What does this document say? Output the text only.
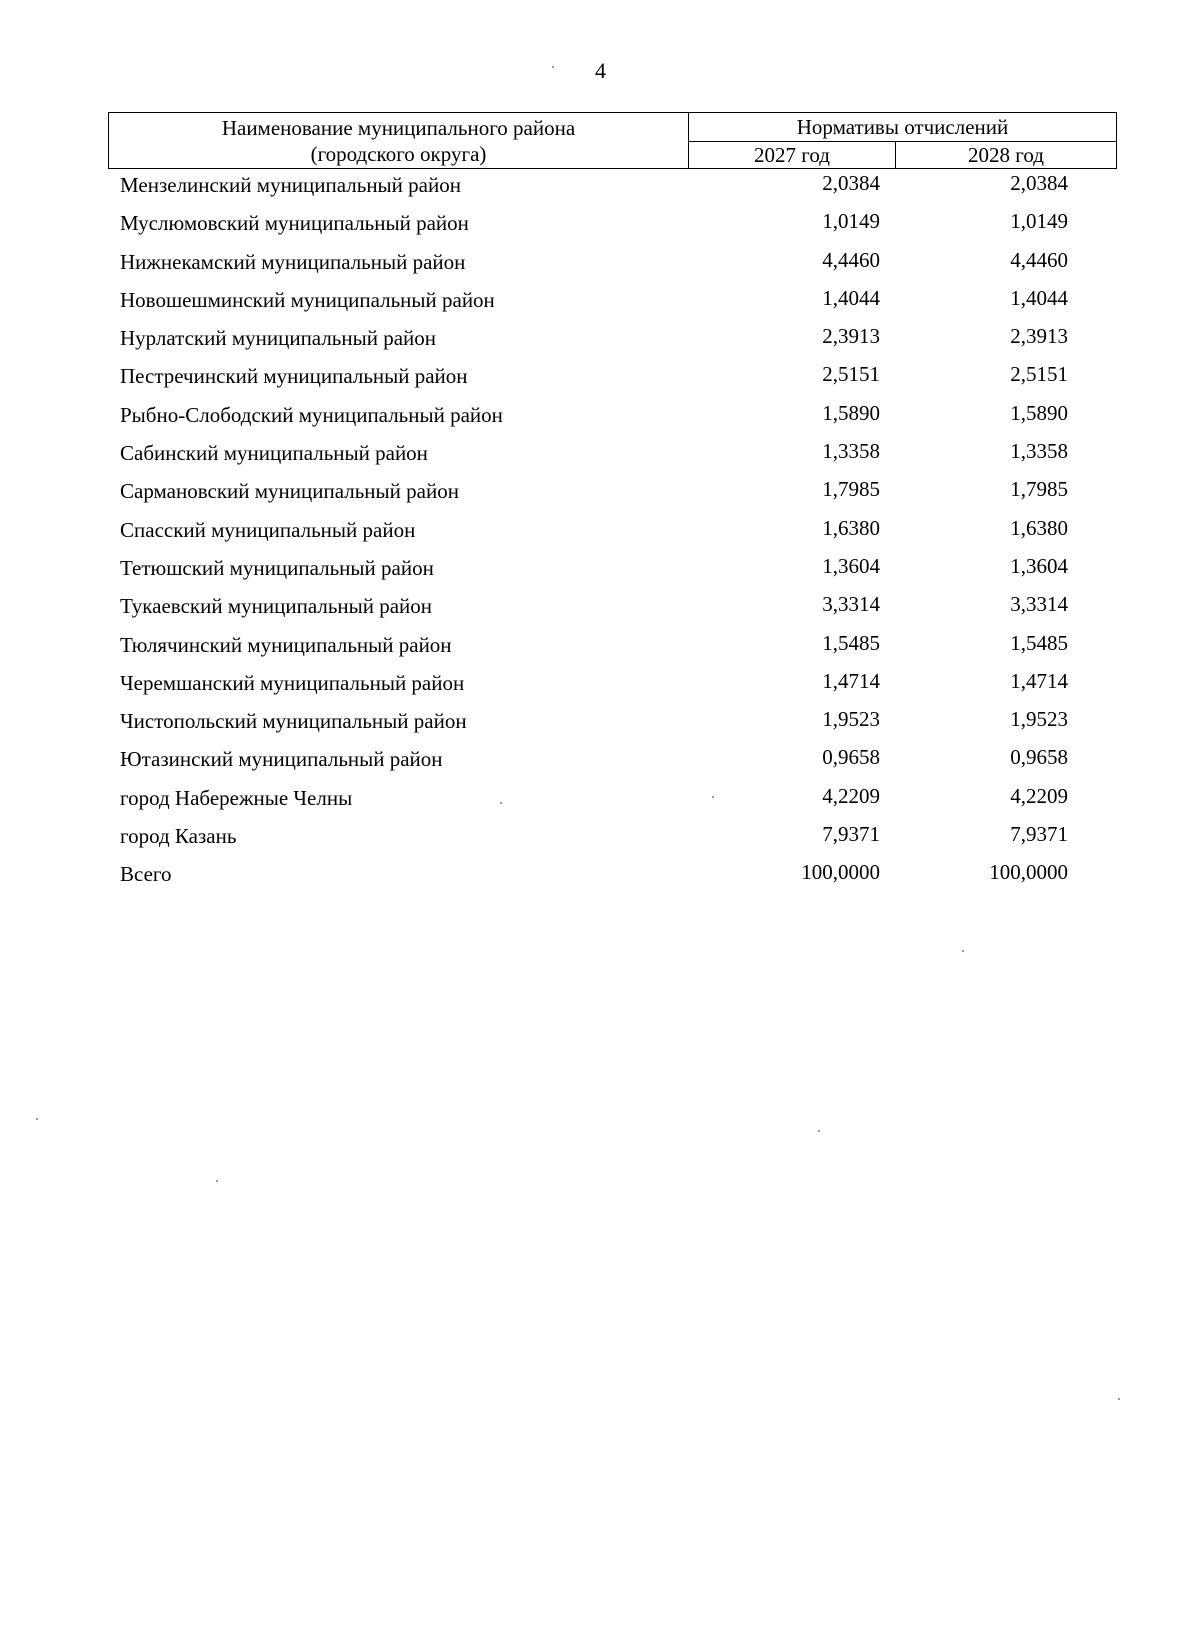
4
Наименование муниципального района
(городского округа)	Нормативы отчислений	
	2027 год	2028 год
Мензелинский муниципальный район	2,0384	2,0384
Муслюмовский муниципальный район	1,0149	1,0149
Нижнекамский муниципальный район	4,4460	4,4460
Новошешминский муниципальный район	1,4044	1,4044
Нурлатский муниципальный район	2,3913	2,3913
Пестречинский муниципальный район	2,5151	2,5151
Рыбно-Слободский муниципальный район	1,5890	1,5890
Сабинский муниципальный район	1,3358	1,3358
Сармановский муниципальный район	1,7985	1,7985
Спасский муниципальный район	1,6380	1,6380
Тетюшский муниципальный район	1,3604	1,3604
Тукаевский муниципальный район	3,3314	3,3314
Тюлячинский муниципальный район	1,5485	1,5485
Черемшанский муниципальный район	1,4714	1,4714
Чистопольский муниципальный район	1,9523	1,9523
Ютазинский муниципальный район	0,9658	0,9658
город Набережные Челны	4,2209	4,2209
город Казань	7,9371	7,9371
Всего	100,0000	100,0000
